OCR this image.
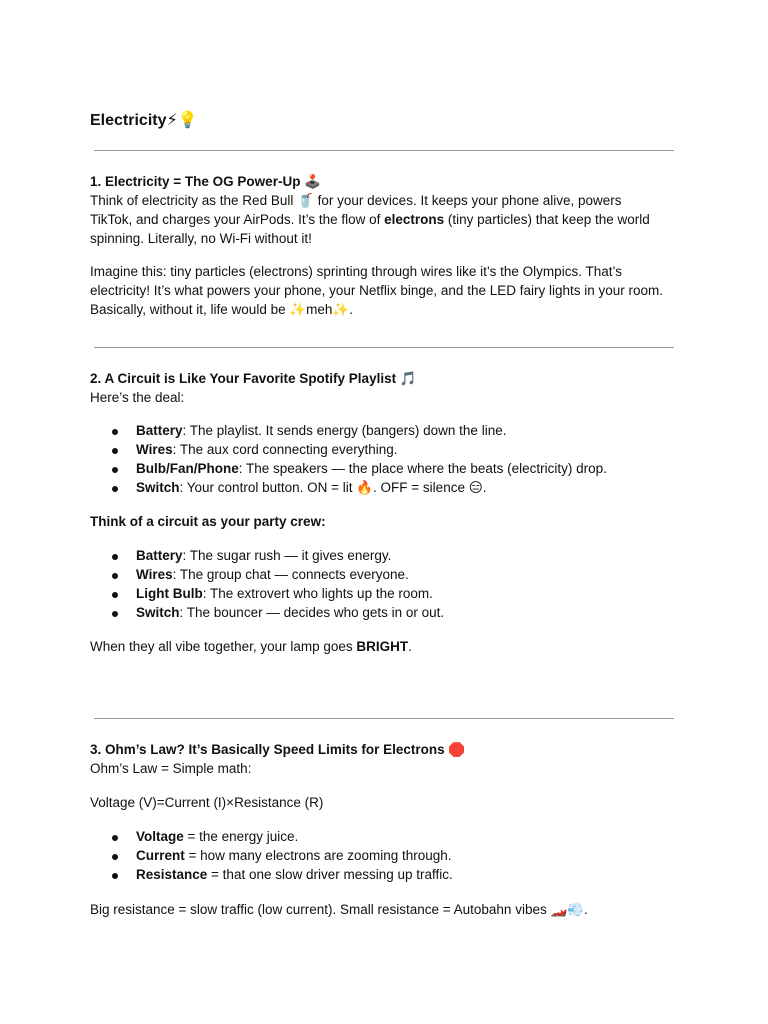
Electricity⚡💡

1. Electricity = The OG Power-Up 🕹️

Think of electricity as the Red Bull 🥤 for your devices. It keeps your phone alive, powers
TikTok, and charges your AirPods. It’s the flow of electrons (tiny particles) that keep the world
spinning. Literally, no Wi-Fi without it!

Imagine this: tiny particles (electrons) sprinting through wires like it’s the Olympics. That’s
electricity! It’s what powers your phone, your Netflix binge, and the LED fairy lights in your room.
Basically, without it, life would be ✨meh✨.

2. A Circuit is Like Your Favorite Spotify Playlist 🎵

Here’s the deal:

Battery: The playlist. It sends energy (bangers) down the line.
Wires: The aux cord connecting everything.
Bulb/Fan/Phone: The speakers — the place where the beats (electricity) drop.
Switch: Your control button. ON = lit 🔥. OFF = silence 😑.

Think of a circuit as your party crew:

Battery: The sugar rush — it gives energy.
Wires: The group chat — connects everyone.
Light Bulb: The extrovert who lights up the room.
Switch: The bouncer — decides who gets in or out.

When they all vibe together, your lamp goes BRIGHT.

3. Ohm’s Law? It’s Basically Speed Limits for Electrons 🛑

Ohm’s Law = Simple math:

Voltage (V)=Current (I)×Resistance (R)

Voltage = the energy juice.
Current = how many electrons are zooming through.
Resistance = that one slow driver messing up traffic.

Big resistance = slow traffic (low current). Small resistance = Autobahn vibes 🏎️💨.
